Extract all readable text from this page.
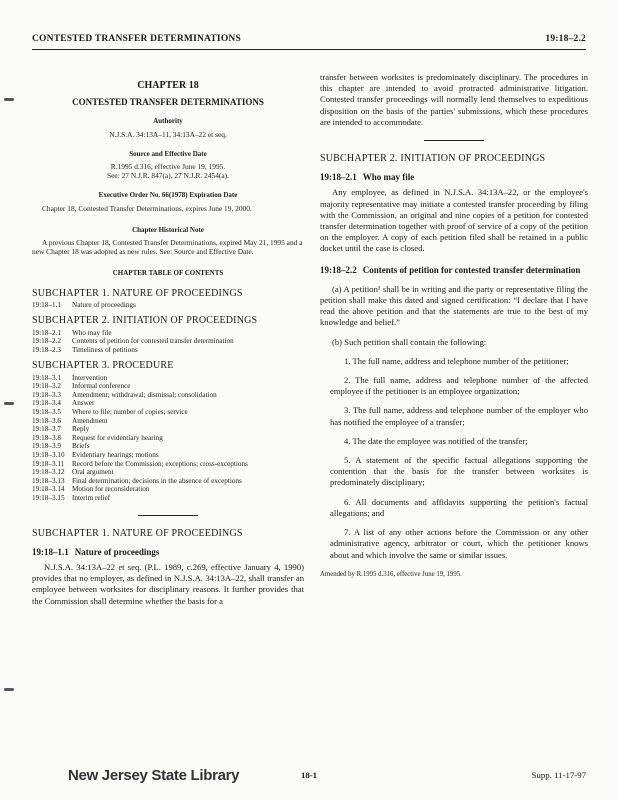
CONTESTED TRANSFER DETERMINATIONS	19:18–2.2
CHAPTER 18
CONTESTED TRANSFER DETERMINATIONS
Authority
N.J.S.A. 34:13A–11, 34:13A–22 et seq.
Source and Effective Date
R.1995 d.316, effective June 19, 1995.
See: 27 N.J.R. 847(a), 27 N.J.R. 2454(a).
Executive Order No. 66(1978) Expiration Date
Chapter 18, Contested Transfer Determinations, expires June 19, 2000.
Chapter Historical Note
A previous Chapter 18, Contested Transfer Determinations, expired May 21, 1995 and a new Chapter 18 was adopted as new rules. See: Source and Effective Date.
CHAPTER TABLE OF CONTENTS
SUBCHAPTER 1. NATURE OF PROCEEDINGS
19:18–1.1	Nature of proceedings
SUBCHAPTER 2. INITIATION OF PROCEEDINGS
19:18–2.1	Who may file
19:18–2.2	Contents of petition for contested transfer determination
19:18–2.3	Timeliness of petitions
SUBCHAPTER 3. PROCEDURE
19:18–3.1	Intervention
19:18–3.2	Informal conference
19:18–3.3	Amendment; withdrawal; dismissal; consolidation
19:18–3.4	Answer
19:18–3.5	Where to file; number of copies; service
19:18–3.6	Amendment
19:18–3.7	Reply
19:18–3.8	Request for evidentiary hearing
19:18–3.9	Briefs
19:18–3.10	Evidentiary hearings; motions
19:18–3.11	Record before the Commission; exceptions; cross-exceptions
19:18–3.12	Oral argument
19:18–3.13	Final determination; decisions in the absence of exceptions
19:18–3.14	Motion for reconsideration
19:18–3.15	Interim relief
SUBCHAPTER 1. NATURE OF PROCEEDINGS
19:18–1.1 Nature of proceedings

N.J.S.A. 34:13A–22 et seq. (P.L. 1989, c.269, effective January 4, 1990) provides that no employer, as defined in N.J.S.A. 34:13A–22, shall transfer an employee between worksites for disciplinary reasons. It further provides that the Commission shall determine whether the basis for a

transfer between worksites is predominately disciplinary. The procedures in this chapter are intended to avoid protracted administrative litigation. Contested transfer proceedings will normally lend themselves to expeditious disposition on the basis of the parties' submissions, which these procedures are intended to accommodate.

SUBCHAPTER 2. INITIATION OF PROCEEDINGS
19:18–2.1 Who may file

Any employee, as defined in N.J.S.A. 34:13A–22, or the employee's majority representative may initiate a contested transfer proceeding by filing with the Commission, an original and nine copies of a petition for contested transfer determination together with proof of service of a copy of the petition on the employer. A copy of each petition filed shall be retained in a public docket until the case is closed.

19:18–2.2 Contents of petition for contested transfer determination

(a) A petition¹ shall be in writing and the party or representative filing the petition shall make this dated and signed certification: “I declare that I have read the above petition and that the statements are true to the best of my knowledge and belief.”

(b) Such petition shall contain the following:

1. The full name, address and telephone number of the petitioner;

2. The full name, address and telephone number of the affected employee if the petitioner is an employee organization;

3. The full name, address and telephone number of the employer who has notified the employee of a transfer;

4. The date the employee was notified of the transfer;

5. A statement of the specific factual allegations supporting the contention that the basis for the transfer between worksites is predominately disciplinary;

6. All documents and affidavits supporting the petition's factual allegations; and

7. A list of any other actions before the Commission or any other administrative agency, arbitrator or court, which the petitioner knows about and which involve the same or similar issues.

Amended by R.1995 d.316, effective June 19, 1995.

New Jersey State Library	18-1	Supp. 11-17-97
